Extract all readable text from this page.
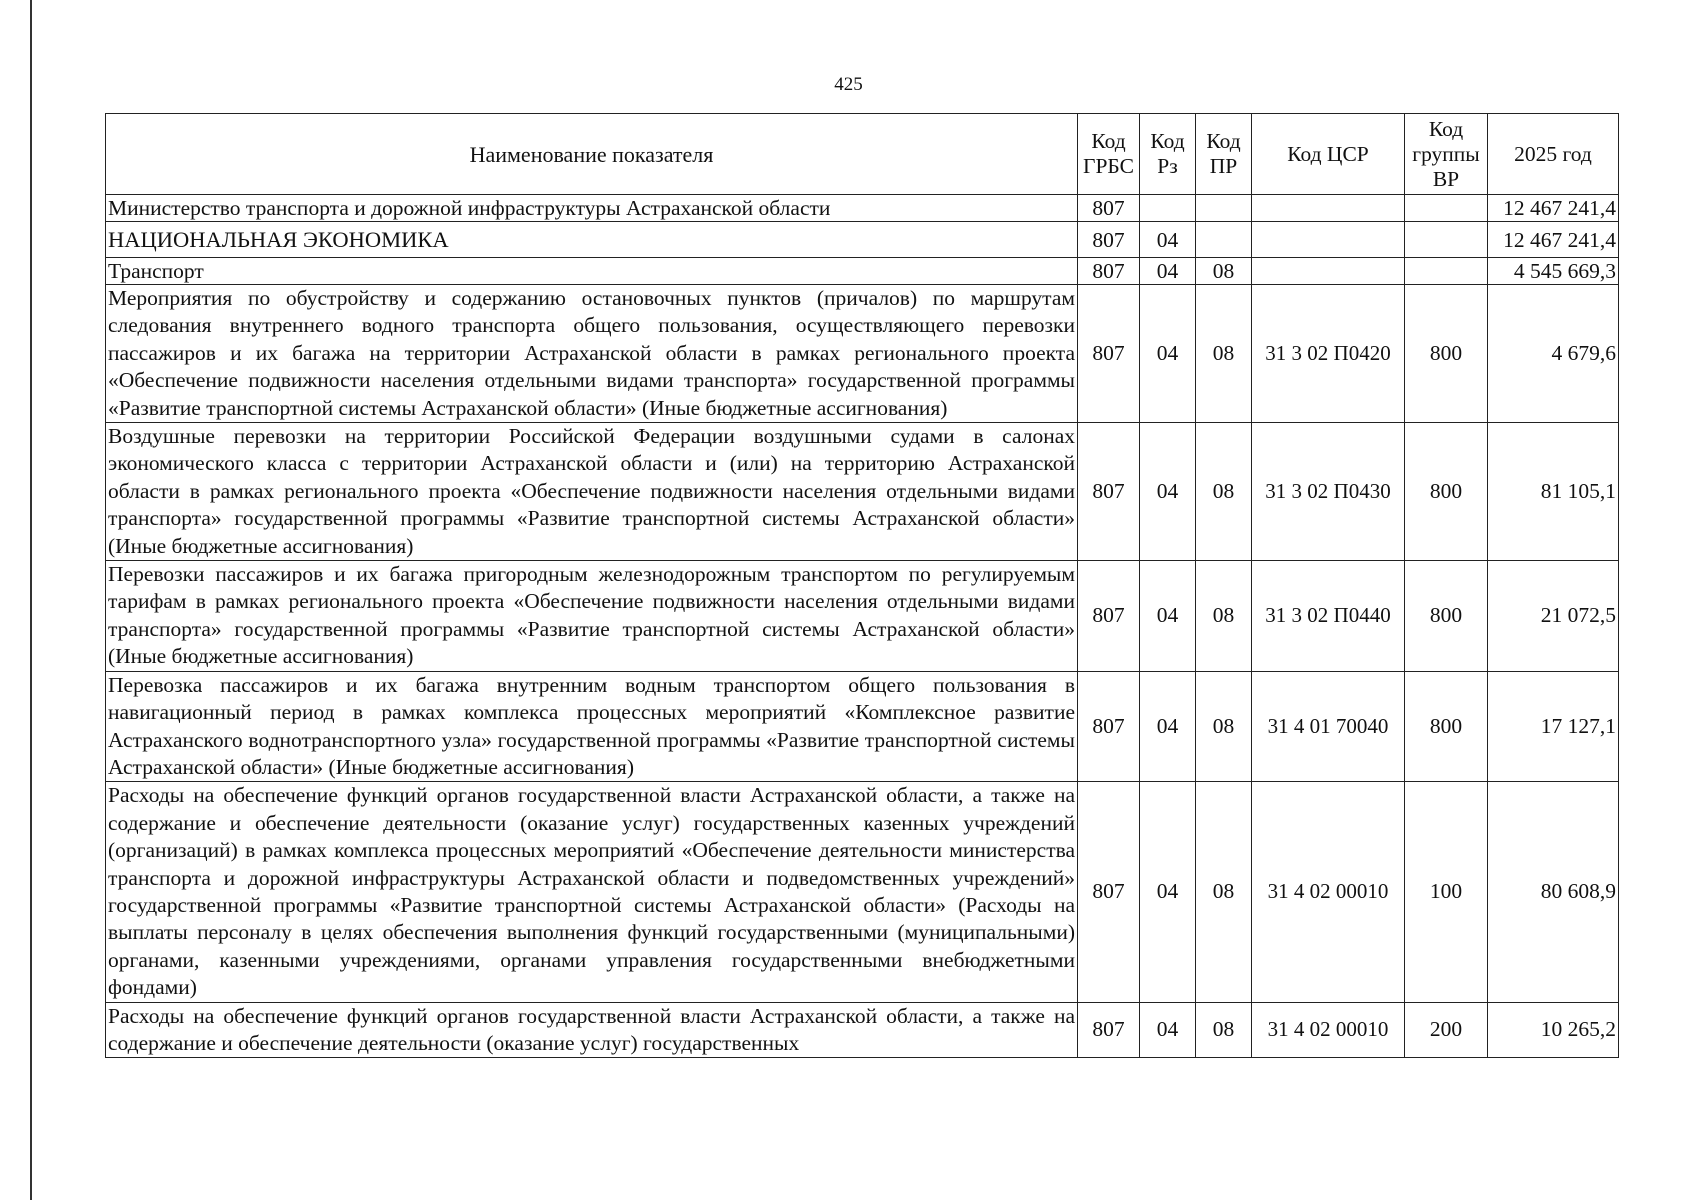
425
Наименование показателя	Код ГРБС	Код Рз	Код ПР	Код ЦСР	Код группы ВР	2025 год
Министерство транспорта и дорожной инфраструктуры Астраханской области	807					12 467 241,4
НАЦИОНАЛЬНАЯ ЭКОНОМИКА	807	04				12 467 241,4
Транспорт	807	04	08			4 545 669,3
Мероприятия по обустройству и содержанию остановочных пунктов (причалов) по маршрутам следования внутреннего водного транспорта общего пользования, осуществляющего перевозки пассажиров и их багажа на территории Астраханской области в рамках регионального проекта «Обеспечение подвижности населения отдельными видами транспорта» государственной программы «Развитие транспортной системы Астраханской области» (Иные бюджетные ассигнования)	807	04	08	31 3 02 П0420	800	4 679,6
Воздушные перевозки на территории Российской Федерации воздушными судами в салонах экономического класса с территории Астраханской области и (или) на территорию Астраханской области в рамках регионального проекта «Обеспечение подвижности населения отдельными видами транспорта» государственной программы «Развитие транспортной системы Астраханской области» (Иные бюджетные ассигнования)	807	04	08	31 3 02 П0430	800	81 105,1
Перевозки пассажиров и их багажа пригородным железнодорожным транспортом по регулируемым тарифам в рамках регионального проекта «Обеспечение подвижности населения отдельными видами транспорта» государственной программы «Развитие транспортной системы Астраханской области» (Иные бюджетные ассигнования)	807	04	08	31 3 02 П0440	800	21 072,5
Перевозка пассажиров и их багажа внутренним водным транспортом общего пользования в навигационный период в рамках комплекса процессных мероприятий «Комплексное развитие Астраханского воднотранспортного узла» государственной программы «Развитие транспортной системы Астраханской области» (Иные бюджетные ассигнования)	807	04	08	31 4 01 70040	800	17 127,1
Расходы на обеспечение функций органов государственной власти Астраханской области, а также на содержание и обеспечение деятельности (оказание услуг) государственных казенных учреждений (организаций) в рамках комплекса процессных мероприятий «Обеспечение деятельности министерства транспорта и дорожной инфраструктуры Астраханской области и подведомственных учреждений» государственной программы «Развитие транспортной системы Астраханской области» (Расходы на выплаты персоналу в целях обеспечения выполнения функций государственными (муниципальными) органами, казенными учреждениями, органами управления государственными внебюджетными фондами)	807	04	08	31 4 02 00010	100	80 608,9
Расходы на обеспечение функций органов государственной власти Астраханской области, а также на содержание и обеспечение деятельности (оказание услуг) государственных	807	04	08	31 4 02 00010	200	10 265,2
